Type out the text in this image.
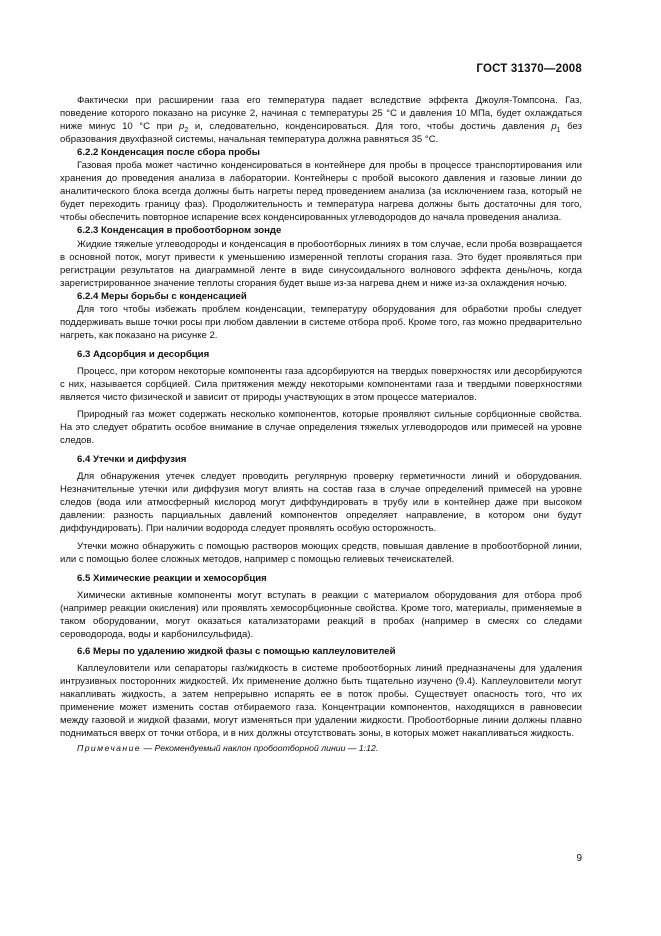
ГОСТ 31370—2008

Фактически при расширении газа его температура падает вследствие эффекта Джоуля-Томпсона. Газ, поведение которого показано на рисунке 2, начиная с температуры 25 °С и давления 10 МПа, будет охлаждаться ниже минус 10 °С при $p_2$ и, следовательно, конденсироваться. Для того, чтобы достичь давления $p_1$ без образования двухфазной системы, начальная температура должна равняться 35 °С.

6.2.2 Конденсация после сбора пробы

Газовая проба может частично конденсироваться в контейнере для пробы в процессе транспортирования или хранения до проведения анализа в лаборатории. Контейнеры с пробой высокого давления и газовые линии до аналитического блока всегда должны быть нагреты перед проведением анализа (за исключением газа, который не будет переходить границу фаз). Продолжительность и температура нагрева должны быть достаточны для того, чтобы обеспечить повторное испарение всех конденсированных углеводородов до начала проведения анализа.

6.2.3 Конденсация в пробоотборном зонде

Жидкие тяжелые углеводороды и конденсация в пробоотборных линиях в том случае, если проба возвращается в основной поток, могут привести к уменьшению измеренной теплоты сгорания газа. Это будет проявляться при регистрации результатов на диаграммной ленте в виде синусоидального волнового эффекта день/ночь, когда зарегистрированное значение теплоты сгорания будет выше из-за нагрева днем и ниже из-за охлаждения ночью.

6.2.4 Меры борьбы с конденсацией

Для того чтобы избежать проблем конденсации, температуру оборудования для обработки пробы следует поддерживать выше точки росы при любом давлении в системе отбора проб. Кроме того, газ можно предварительно нагреть, как показано на рисунке 2.

6.3 Адсорбция и десорбция

Процесс, при котором некоторые компоненты газа адсорбируются на твердых поверхностях или десорбируются с них, называется сорбцией. Сила притяжения между некоторыми компонентами газа и твердыми поверхностями является чисто физической и зависит от природы участвующих в этом процессе материалов.

Природный газ может содержать несколько компонентов, которые проявляют сильные сорбционные свойства. На это следует обратить особое внимание в случае определения тяжелых углеводородов или примесей на уровне следов.

6.4 Утечки и диффузия

Для обнаружения утечек следует проводить регулярную проверку герметичности линий и оборудования. Незначительные утечки или диффузия могут влиять на состав газа в случае определений примесей на уровне следов (вода или атмосферный кислород могут диффундировать в трубу или в контейнер даже при высоком давлении: разность парциальных давлений компонентов определяет направление, в котором они будут диффундировать). При наличии водорода следует проявлять особую осторожность.

Утечки можно обнаружить с помощью растворов моющих средств, повышая давление в пробоотборной линии, или с помощью более сложных методов, например с помощью гелиевых течеискателей.

6.5 Химические реакции и хемосорбция

Химически активные компоненты могут вступать в реакции с материалом оборудования для отбора проб (например реакции окисления) или проявлять хемосорбционные свойства. Кроме того, материалы, применяемые в таком оборудовании, могут оказаться катализаторами реакций в пробах (например в смесях со следами сероводорода, воды и карбонилсульфида).

6.6 Меры по удалению жидкой фазы с помощью каплеуловителей

Каплеуловители или сепараторы газ/жидкость в системе пробоотборных линий предназначены для удаления интрузивных посторонних жидкостей. Их применение должно быть тщательно изучено (9.4). Каплеуловители могут накапливать жидкость, а затем непрерывно испарять ее в поток пробы. Существует опасность того, что их применение может изменить состав отбираемого газа. Концентрации компонентов, находящихся в равновесии между газовой и жидкой фазами, могут изменяться при удалении жидкости. Пробоотборные линии должны плавно подниматься вверх от точки отбора, и в них должны отсутствовать зоны, в которых может накапливаться жидкость.

Примечание — Рекомендуемый наклон пробоотборной линии — 1:12.

9
